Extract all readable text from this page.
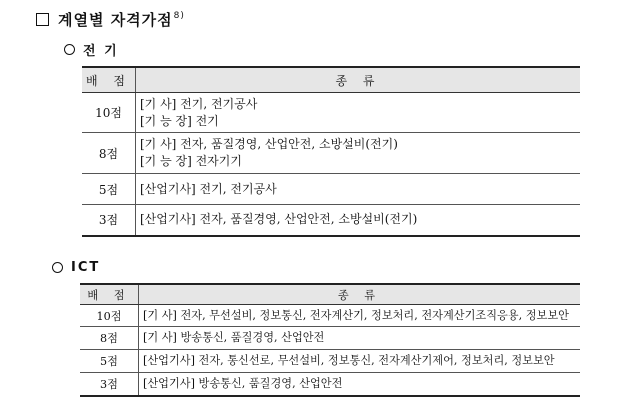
계열별 자격가점$^{8)}$
전 기
배 점	종 류
10점	[기 사] 전기, 전기공사
[기 능 장] 전기

8점	[기 사] 전자, 품질경영, 산업안전, 소방설비(전기)
[기 능 장] 전자기기

5점	[산업기사] 전기, 전기공사

3점	[산업기사] 전자, 품질경영, 산업안전, 소방설비(전기)
ICT
배 점	종 류
10점	[기 사] 전자, 무선설비, 정보통신, 전자계산기, 정보처리, 전자계산기조직응용, 정보보안

8점	[기 사] 방송통신, 품질경영, 산업안전

5점	[산업기사] 전자, 통신선로, 무선설비, 정보통신, 전자계산기제어, 정보처리, 정보보안

3점	[산업기사] 방송통신, 품질경영, 산업안전
